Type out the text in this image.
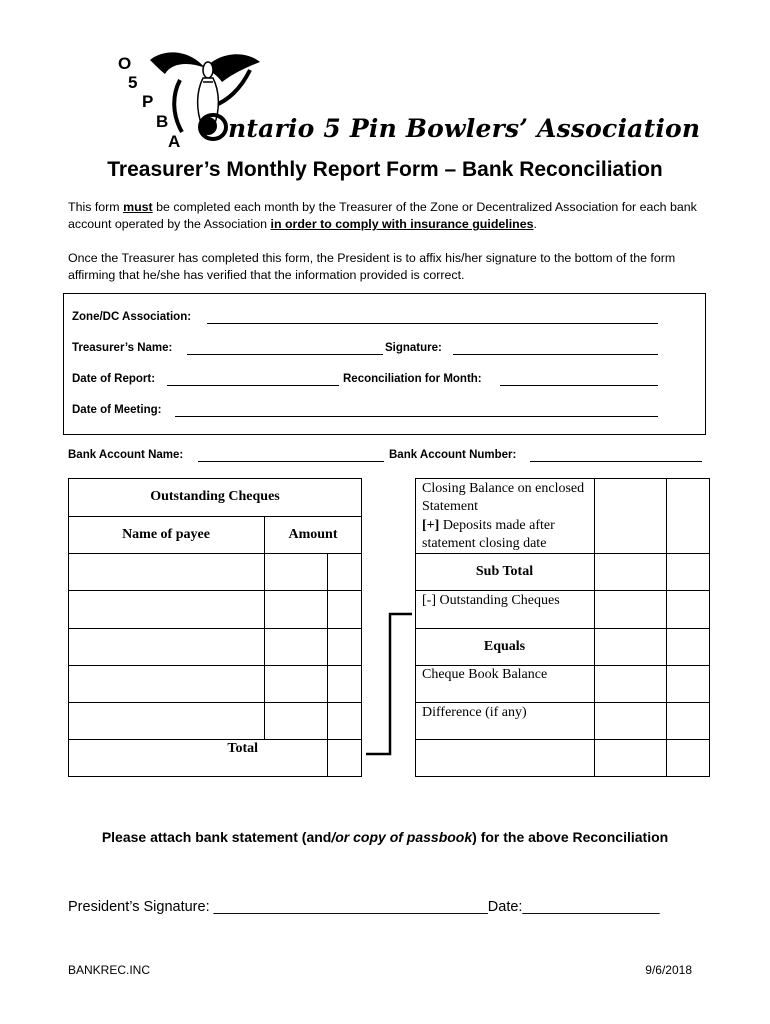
O
5
P
B
A ntario 5 Pin Bowlers’ Association
Treasurer’s Monthly Report Form – Bank Reconciliation
This form must be completed each month by the Treasurer of the Zone or Decentralized Association for each bank account operated by the Association in order to comply with insurance guidelines.
Once the Treasurer has completed this form, the President is to affix his/her signature to the bottom of the form affirming that he/she has verified that the information provided is correct.
Zone/DC Association:
Treasurer’s Name:	Signature:
Date of Report:	Reconciliation for Month:
Date of Meeting:
Bank Account Name:	Bank Account Number:
Outstanding Cheques
Name of payee	Amount
Total
Closing Balance on enclosed Statement
[+] Deposits made after statement closing date
Sub Total
[-] Outstanding Cheques
Equals
Cheque Book Balance
Difference (if any)
Please attach bank statement (and/or copy of passbook) for the above Reconciliation
President’s Signature: __________________________________Date:_________________
BANKREC.INC	9/6/2018
